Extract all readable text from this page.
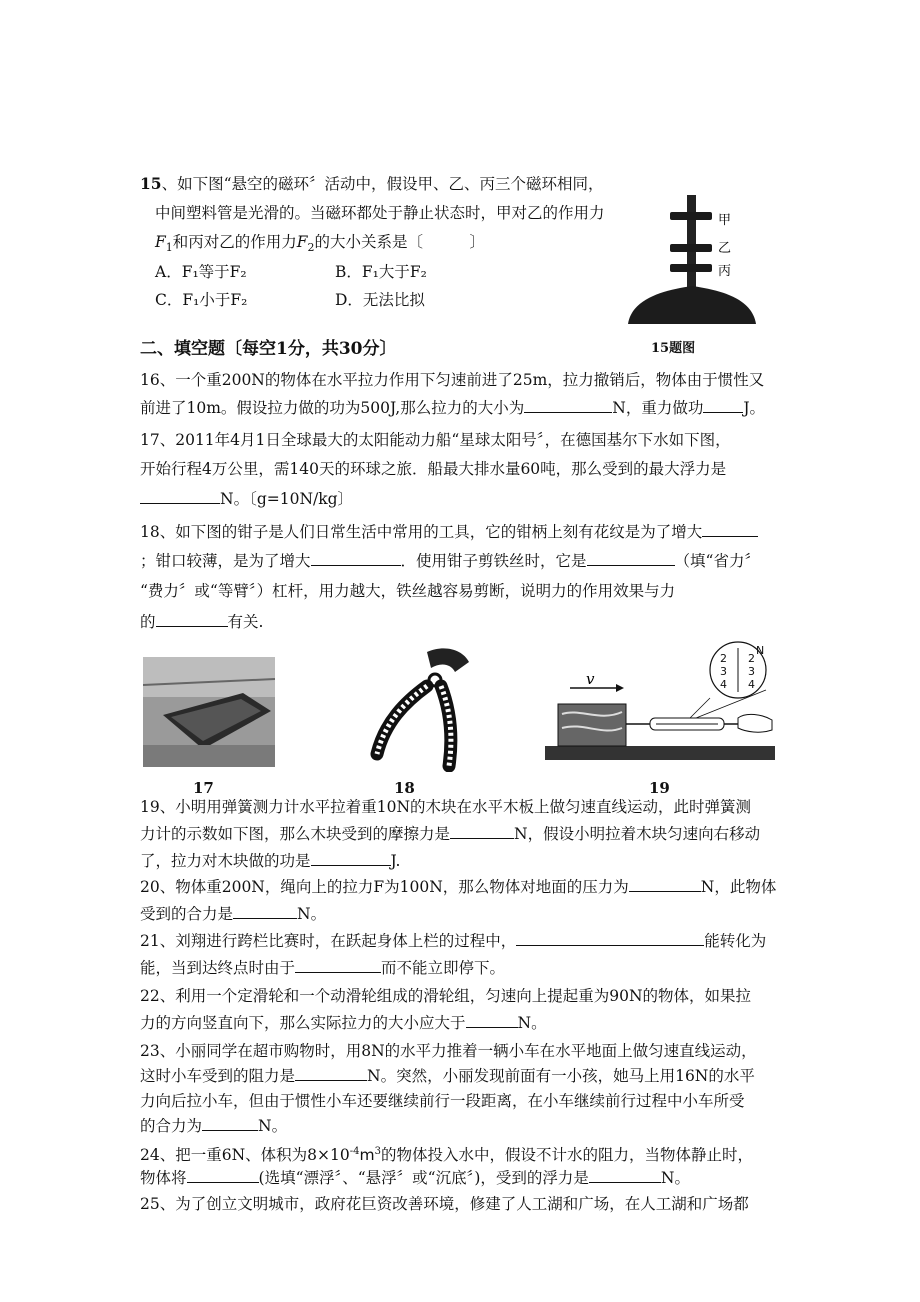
15、如下图“悬空的磁环〞活动中，假设甲、乙、丙三个磁环相同，
中间塑料管是光滑的。当磁环都处于静止状态时，甲对乙的作用力
$F_1$和丙对乙的作用力$F_2$的大小关系是〔　　　〕
A．F₁等于F₂	B．F₁大于F₂
C．F₁小于F₂	D．无法比拟
甲
乙
丙
15题图
二、填空题〔每空1分，共30分〕
16、一个重200N的物体在水平拉力作用下匀速前进了25m，拉力撤销后，物体由于惯性又
前进了10m。假设拉力做的功为500J,那么拉力的大小为	N，重力做功	J。
17、2011年4月1日全球最大的太阳能动力船“星球太阳号〞，在德国基尔下水如下图，
开始行程4万公里，需140天的环球之旅．船最大排水量60吨，那么受到的最大浮力是
N。〔g=10N/kg〕
18、如下图的钳子是人们日常生活中常用的工具，它的钳柄上刻有花纹是为了增大
；钳口较薄，是为了增大	．使用钳子剪铁丝时，它是	（填“省力〞
“费力〞或“等臂〞）杠杆，用力越大，铁丝越容易剪断，说明力的作用效果与力
的	有关.
17	18
v
2
3
4
2
3
4
N
19
19、小明用弹簧测力计水平拉着重10N的木块在水平木板上做匀速直线运动，此时弹簧测
力计的示数如下图，那么木块受到的摩擦力是	N，假设小明拉着木块匀速向右移动
了，拉力对木块做的功是	J.
20、物体重200N，绳向上的拉力F为100N，那么物体对地面的压力为	N，此物体
受到的合力是	N。
21、刘翔进行跨栏比赛时，在跃起身体上栏的过程中，	能转化为
能，当到达终点时由于	而不能立即停下。
22、利用一个定滑轮和一个动滑轮组成的滑轮组，匀速向上提起重为90N的物体，如果拉
力的方向竖直向下，那么实际拉力的大小应大于	N。
23、小丽同学在超市购物时，用8N的水平力推着一辆小车在水平地面上做匀速直线运动，
这时小车受到的阻力是	N。突然，小丽发现前面有一小孩，她马上用16N的水平
力向后拉小车，但由于惯性小车还要继续前行一段距离，在小车继续前行过程中小车所受
的合力为	N。
24、把一重6N、体积为$8\times 10^{-4}m^3$的物体投入水中，假设不计水的阻力，当物体静止时，
物体将	(选填“漂浮〞、“悬浮〞或“沉底〞)，受到的浮力是	N。
25、为了创立文明城市，政府花巨资改善环境，修建了人工湖和广场，在人工湖和广场都
